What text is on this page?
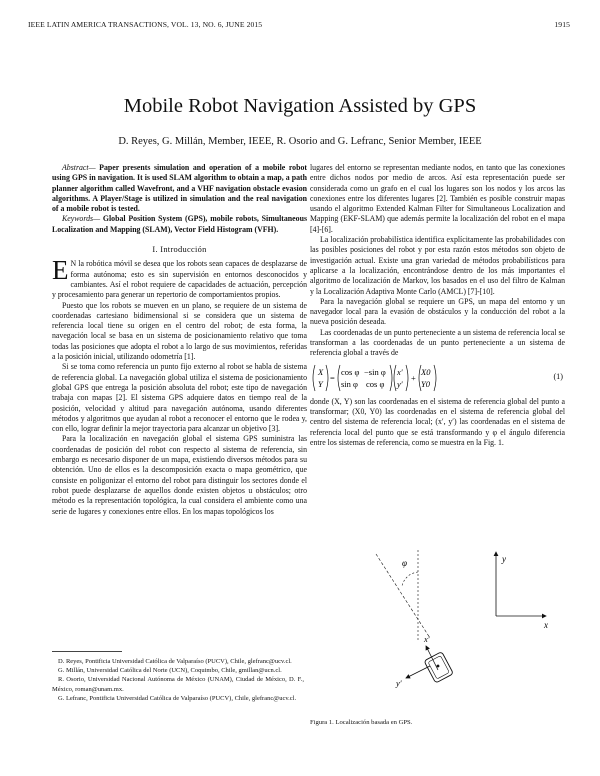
IEEE LATIN AMERICA TRANSACTIONS, VOL. 13, NO. 6, JUNE 2015	1915
Mobile Robot Navigation Assisted by GPS
D. Reyes, G. Millán, Member, IEEE, R. Osorio and G. Lefranc, Senior Member, IEEE

Abstract— Paper presents simulation and operation of a mobile robot using GPS in navigation. It is used SLAM algorithm to obtain a map, a path planner algorithm called Wavefront, and a VHF navigation obstacle evasion algorithms. A Player/Stage is utilized in simulation and the real navigation of a mobile robot is tested.

Keywords— Global Position System (GPS), mobile robots, Simultaneous Localization and Mapping (SLAM), Vector Field Histogram (VFH).

I. Introducción

E N la robótica móvil se desea que los robots sean capaces de desplazarse de forma autónoma; esto es sin supervisión en entornos desconocidos y cambiantes. Así el robot requiere de capacidades de actuación, percepción y procesamiento para generar un repertorio de comportamientos propios.

Puesto que los robots se mueven en un plano, se requiere de un sistema de coordenadas cartesiano bidimensional si se considera que un sistema de referencia local tiene su origen en el centro del robot; de esta forma, la navegación local se basa en un sistema de posicionamiento relativo que toma todas las posiciones que adopta el robot a lo largo de sus movimientos, referidas a la posición inicial, utilizando odometría [1].

Si se toma como referencia un punto fijo externo al robot se habla de sistema de referencia global. La navegación global utiliza el sistema de posicionamiento global GPS que entrega la posición absoluta del robot; este tipo de navegación trabaja con mapas [2]. El sistema GPS adquiere datos en tiempo real de la posición, velocidad y altitud para navegación autónoma, usando diferentes métodos y algoritmos que ayudan al robot a reconocer el entorno que le rodea y, con ello, lograr definir la mejor trayectoria para alcanzar un objetivo [3].

Para la localización en navegación global el sistema GPS suministra las coordenadas de posición del robot con respecto al sistema de referencia, sin embargo es necesario disponer de un mapa, existiendo diversos métodos para su obtención. Uno de ellos es la descomposición exacta o mapa geométrico, que consiste en poligonizar el entorno del robot para distinguir los sectores donde el robot puede desplazarse de aquellos donde existen objetos u obstáculos; otro método es la representación topológica, la cual considera el ambiente como una serie de lugares y conexiones entre ellos. En los mapas topológicos los

D. Reyes, Pontificia Universidad Católica de Valparaíso (PUCV), Chile, glefranc@ucv.cl.

G. Millán, Universidad Católica del Norte (UCN), Coquimbo, Chile, gmillan@ucn.cl.

R. Osorio, Universidad Nacional Autónoma de México (UNAM), Ciudad de México, D. F., México, roman@unam.mx.

G. Lefranc, Pontificia Universidad Católica de Valparaíso (PUCV), Chile, glefranc@ucv.cl.

lugares del entorno se representan mediante nodos, en tanto que las conexiones entre dichos nodos por medio de arcos. Así esta representación puede ser considerada como un grafo en el cual los lugares son los nodos y los arcos las conexiones entre los diferentes lugares [2]. También es posible construir mapas usando el algoritmo Extended Kalman Filter for Simultaneous Localization and Mapping (EKF-SLAM) que además permite la localización del robot en el mapa [4]-[6].

La localización probabilística identifica explícitamente las probabilidades con las posibles posiciones del robot y por esta razón estos métodos son objeto de investigación actual. Existe una gran variedad de métodos probabilísticos para aplicarse a la localización, encontrándose dentro de los más importantes el algoritmo de localización de Markov, los basados en el uso del filtro de Kalman y la Localización Adaptiva Monte Carlo (AMCL) [7]-[10].

Para la navegación global se requiere un GPS, un mapa del entorno y un navegador local para la evasión de obstáculos y la conducción del robot a la nueva posición deseada.

Las coordenadas de un punto perteneciente a un sistema de referencia local se transforman a las coordenadas de un punto perteneciente a un sistema de referencia global a través de

X
Y
=
cos φ −sin φ
sin φ cos φ
x′
y′
+
X0
Y0
(1)

donde (X, Y) son las coordenadas en el sistema de referencia global del punto a transformar; (X0, Y0) las coordenadas en el sistema de referencia global del centro del sistema de referencia local; (x′, y′) las coordenadas en el sistema de referencia local del punto que se está transformando y φ el ángulo diferencia entre los sistemas de referencia, como se muestra en la Fig. 1.

y
x
φ
x′
y′
Figura 1. Localización basada en GPS.
